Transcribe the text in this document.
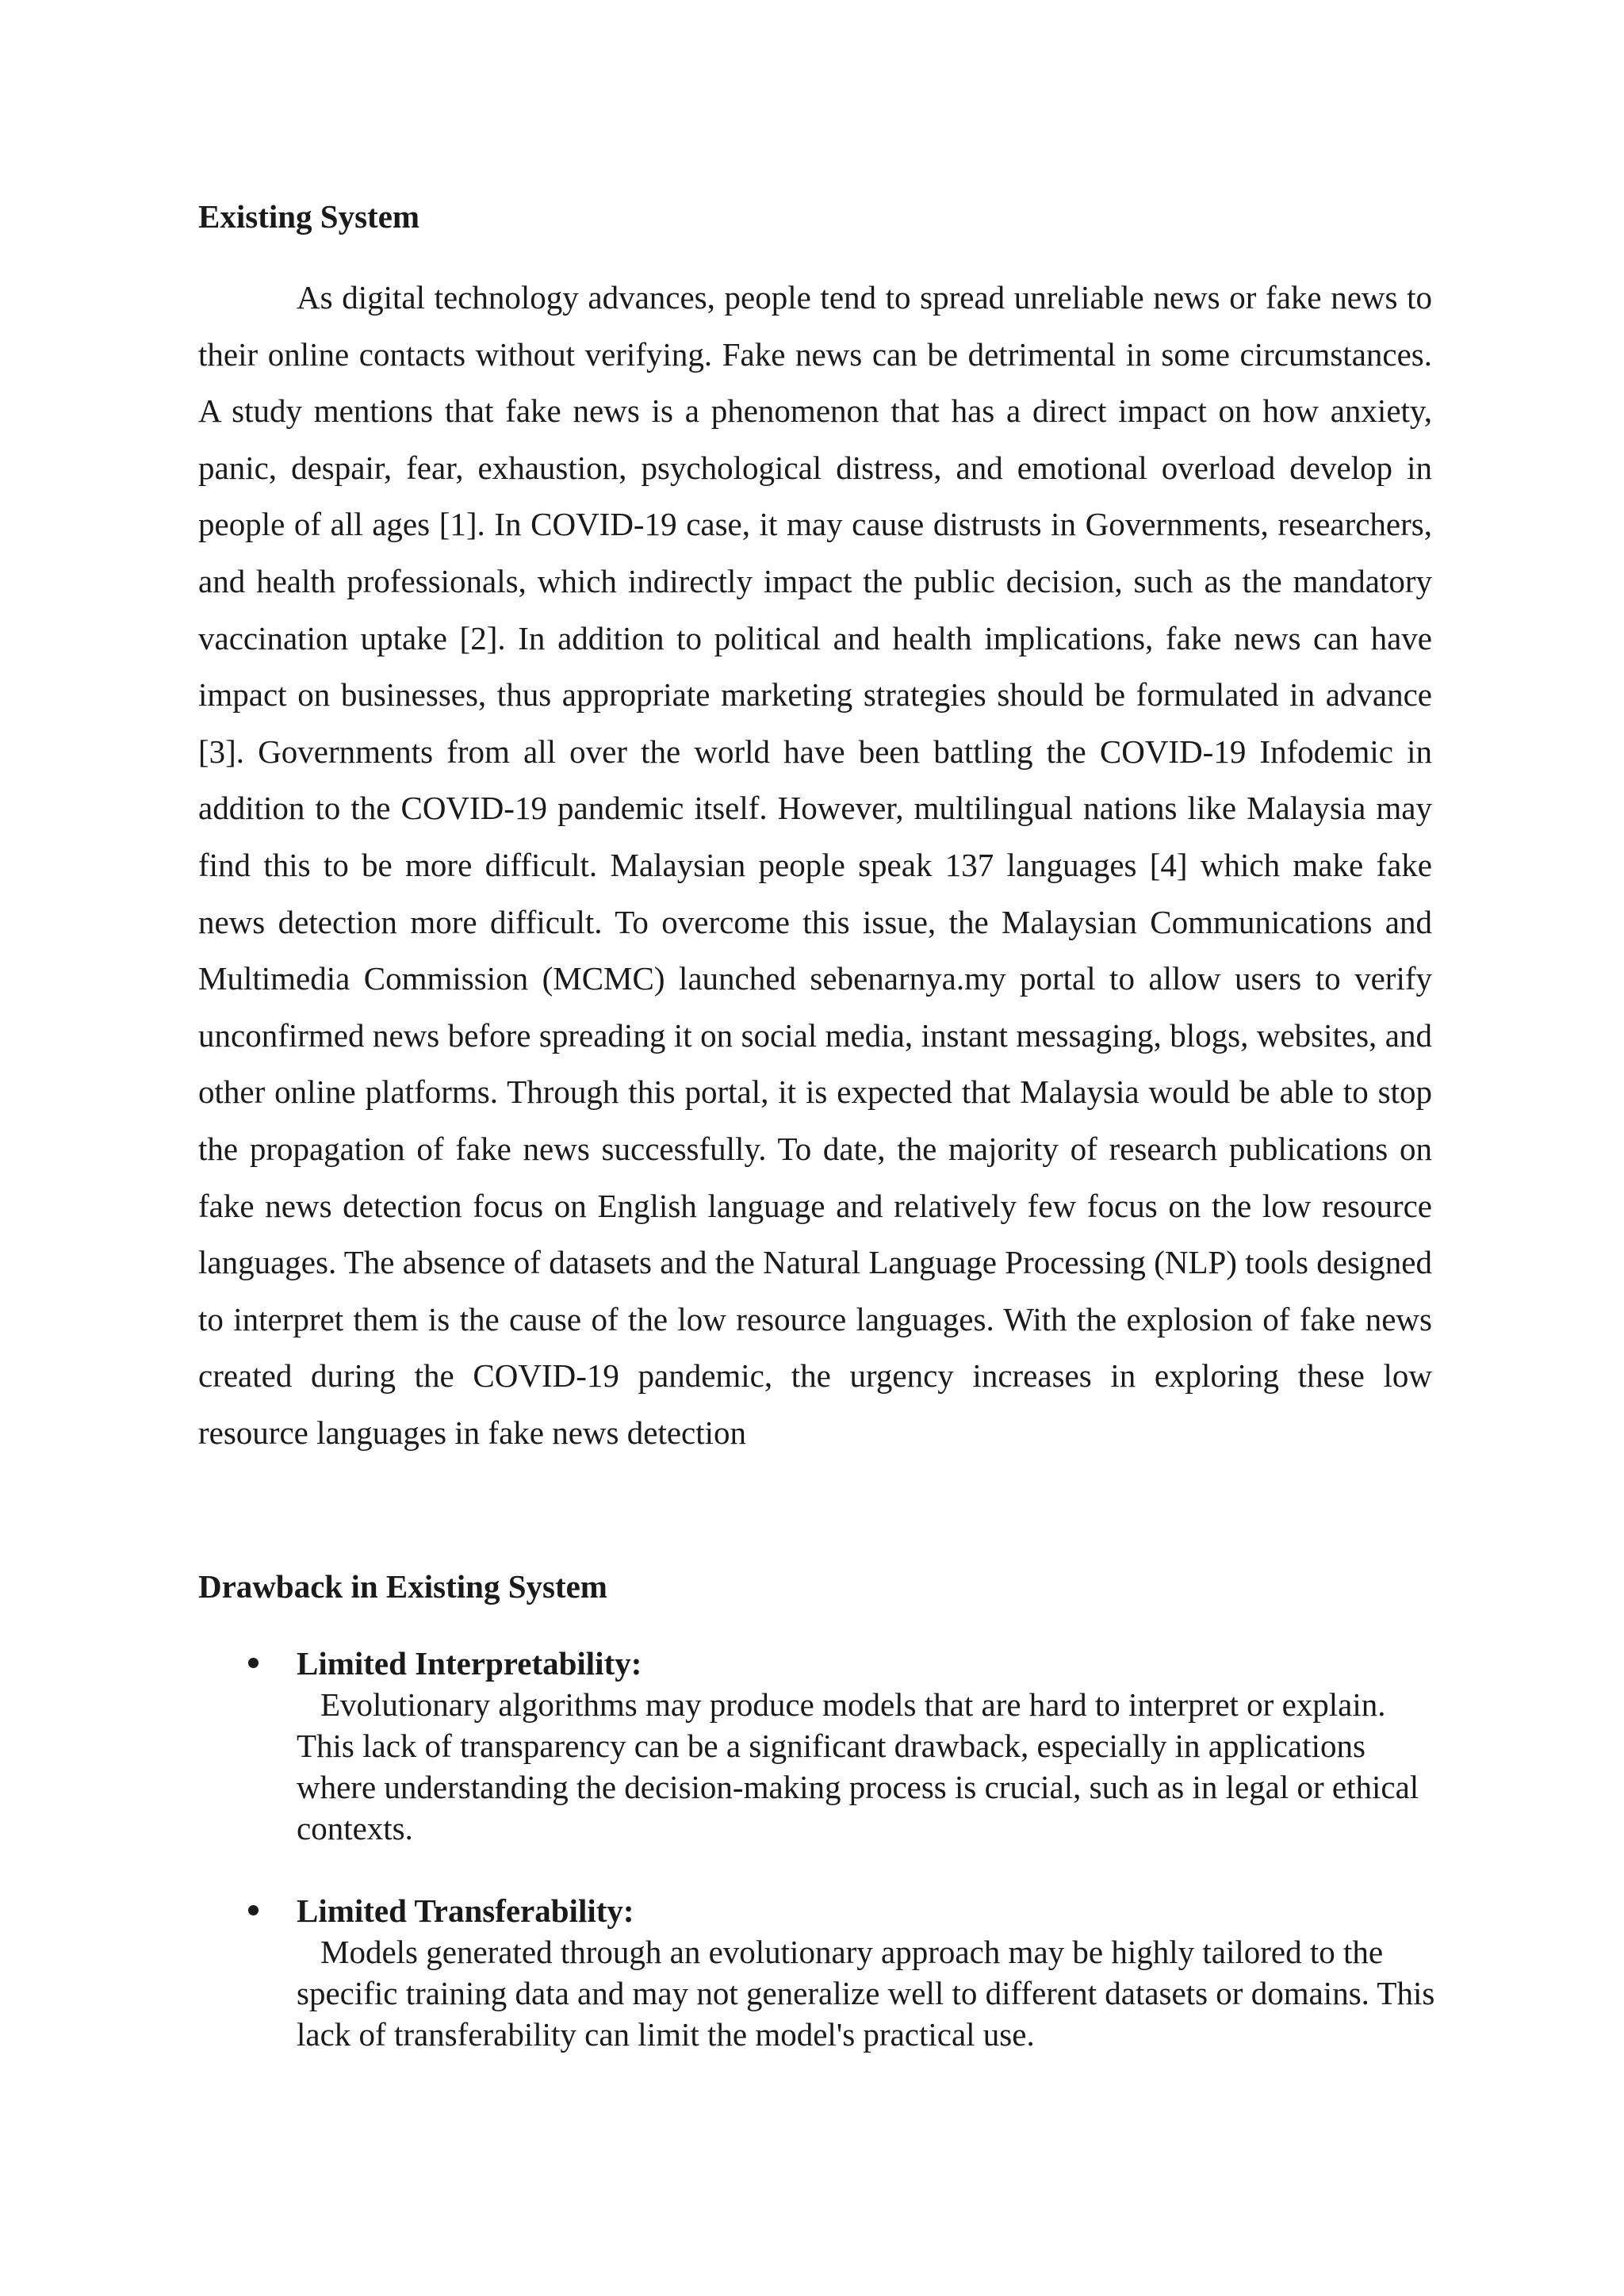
Existing System

As digital technology advances, people tend to spread unreliable news or fake news to their online contacts without verifying. Fake news can be detrimental in some circumstances. A study mentions that fake news is a phenomenon that has a direct impact on how anxiety, panic, despair, fear, exhaustion, psychological distress, and emotional overload develop in people of all ages [1]. In COVID-19 case, it may cause distrusts in Governments, researchers, and health professionals, which indirectly impact the public decision, such as the mandatory vaccination uptake [2]. In addition to political and health implications, fake news can have impact on businesses, thus appropriate marketing strategies should be formulated in advance [3]. Governments from all over the world have been battling the COVID-19 Infodemic in addition to the COVID-19 pandemic itself. However, multilingual nations like Malaysia may find this to be more difficult. Malaysian people speak 137 languages [4] which make fake news detection more difficult. To overcome this issue, the Malaysian Communications and Multimedia Commission (MCMC) launched sebenarnya.my portal to allow users to verify unconfirmed news before spreading it on social media, instant messaging, blogs, websites, and other online platforms. Through this portal, it is expected that Malaysia would be able to stop the propagation of fake news successfully. To date, the majority of research publications on fake news detection focus on English language and relatively few focus on the low resource languages. The absence of datasets and the Natural Language Processing (NLP) tools designed to interpret them is the cause of the low resource languages. With the explosion of fake news created during the COVID-19 pandemic, the urgency increases in exploring these low resource languages in fake news detection

Drawback in Existing System
Limited Interpretability:
Evolutionary algorithms may produce models that are hard to interpret or explain. This lack of transparency can be a significant drawback, especially in applications where understanding the decision-making process is crucial, such as in legal or ethical contexts.
Limited Transferability:
Models generated through an evolutionary approach may be highly tailored to the specific training data and may not generalize well to different datasets or domains. This lack of transferability can limit the model's practical use.
